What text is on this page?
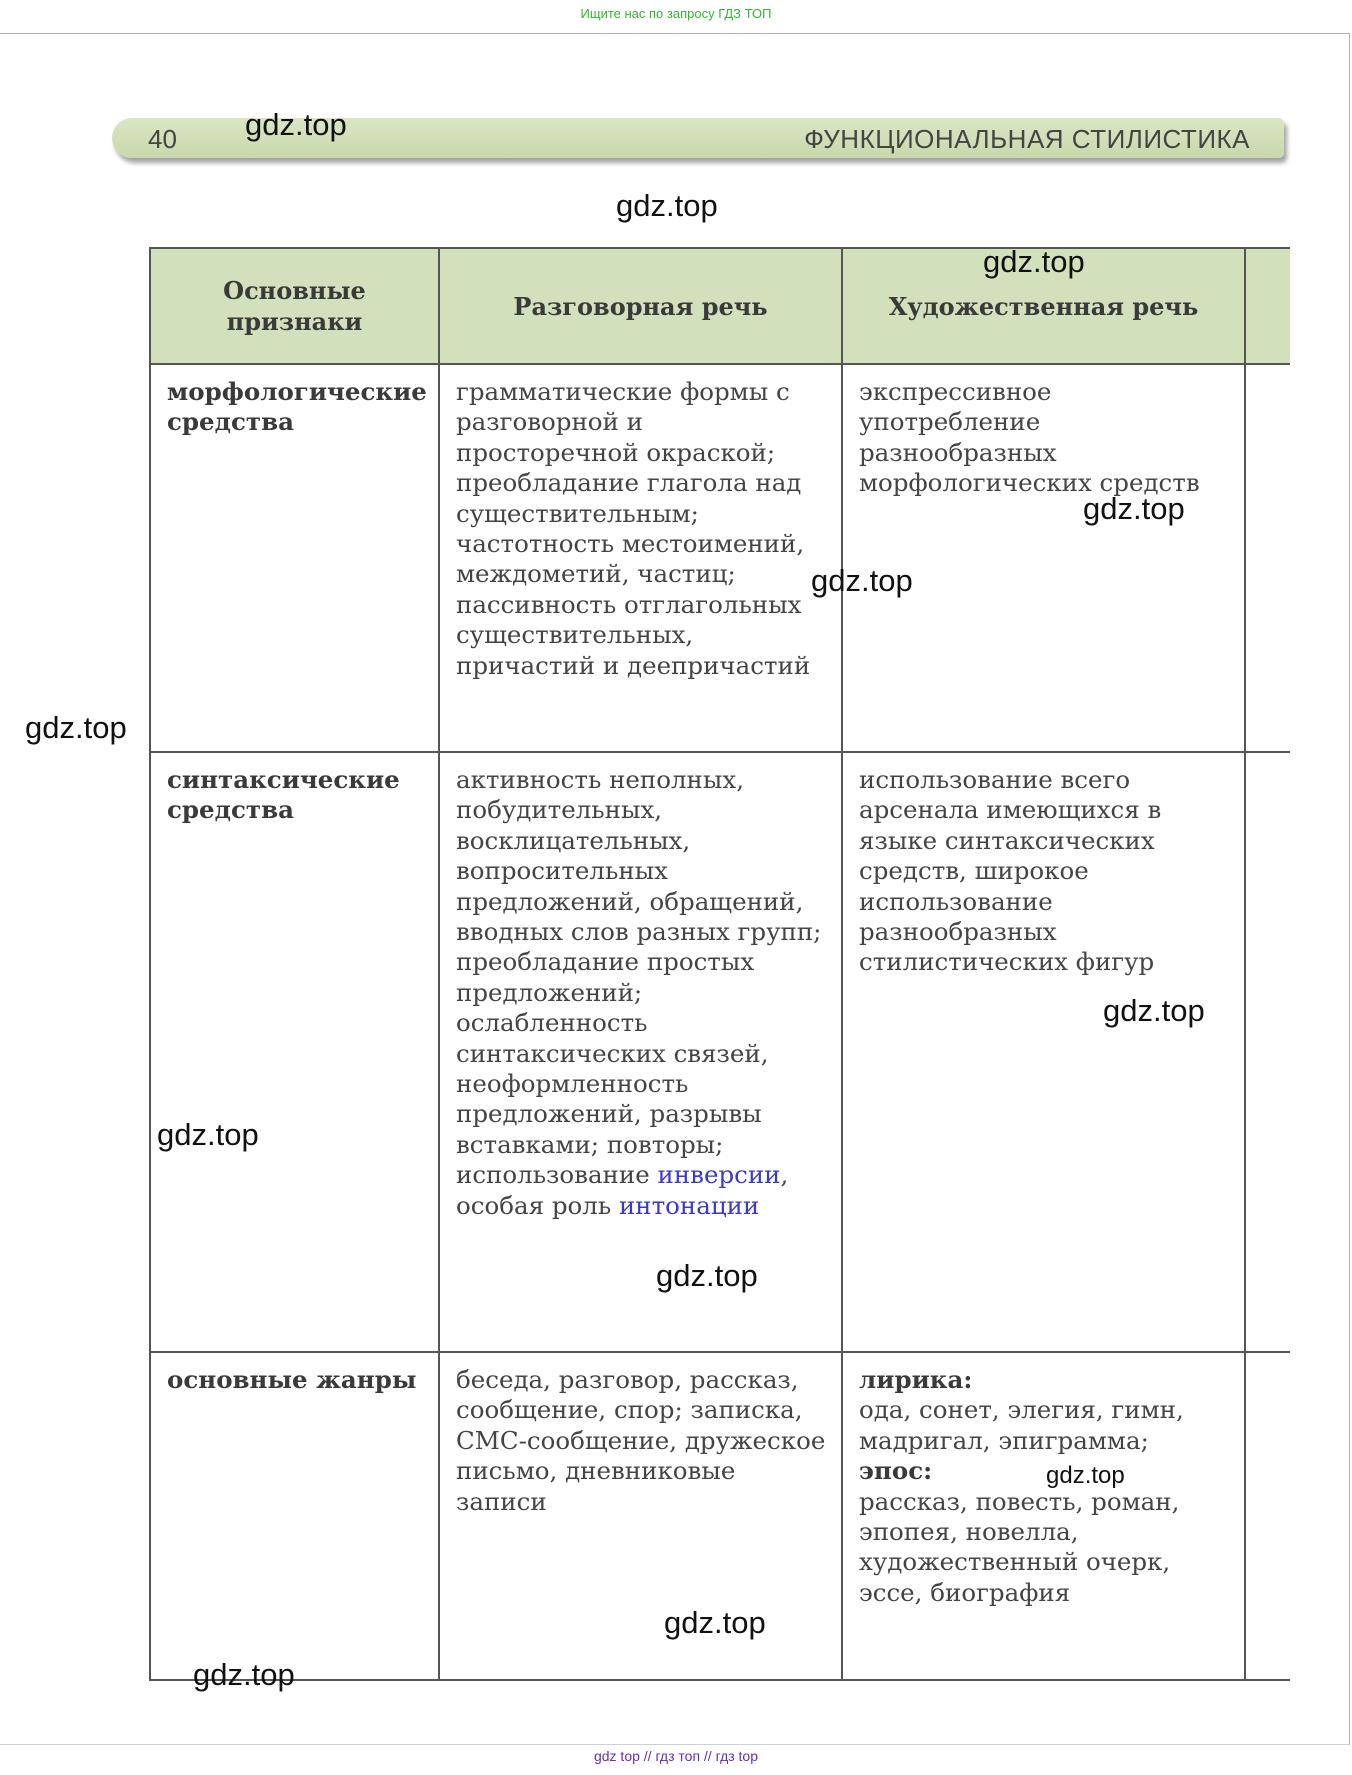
Ищите нас по запросу ГДЗ ТОП
40	ФУНКЦИОНАЛЬНАЯ СТИЛИСТИКА
Основные признаки	Разговорная речь	Художественная речь	

морфологические средства	грамматические формы с разговорной и просторечной окраской; преобладание глагола над существительным; частотность местоимений, междометий, частиц; пассивность отглагольных существительных, причастий и деепричастий	экспрессивное употребление разнообразных морфологических средств	

синтаксические средства	активность неполных, побудительных, восклицательных, вопросительных предложений, обращений, вводных слов разных групп; преобладание простых предложений; ослабленность синтаксических связей, неоформленность предложений, разрывы вставками; повторы; использование инверсии, особая роль интонации	использование всего арсенала имеющихся в языке синтаксических средств, широкое использование разнообразных стилистических фигур	

основные жанры	беседа, разговор, рассказ, сообщение, спор; записка, СМС-сообщение, дружеское письмо, дневниковые записи	лирика:
ода, сонет, элегия, гимн, мадригал, эпиграмма;
эпос:
рассказ, повесть, роман, эпопея, новелла, художественный очерк, эссе, биография	

gdz.top
gdz.top
gdz.top
gdz.top
gdz.top
gdz.top
gdz.top
gdz.top
gdz.top
gdz.top
gdz.top
gdz.top
gdz top // гдз топ // гдз top
